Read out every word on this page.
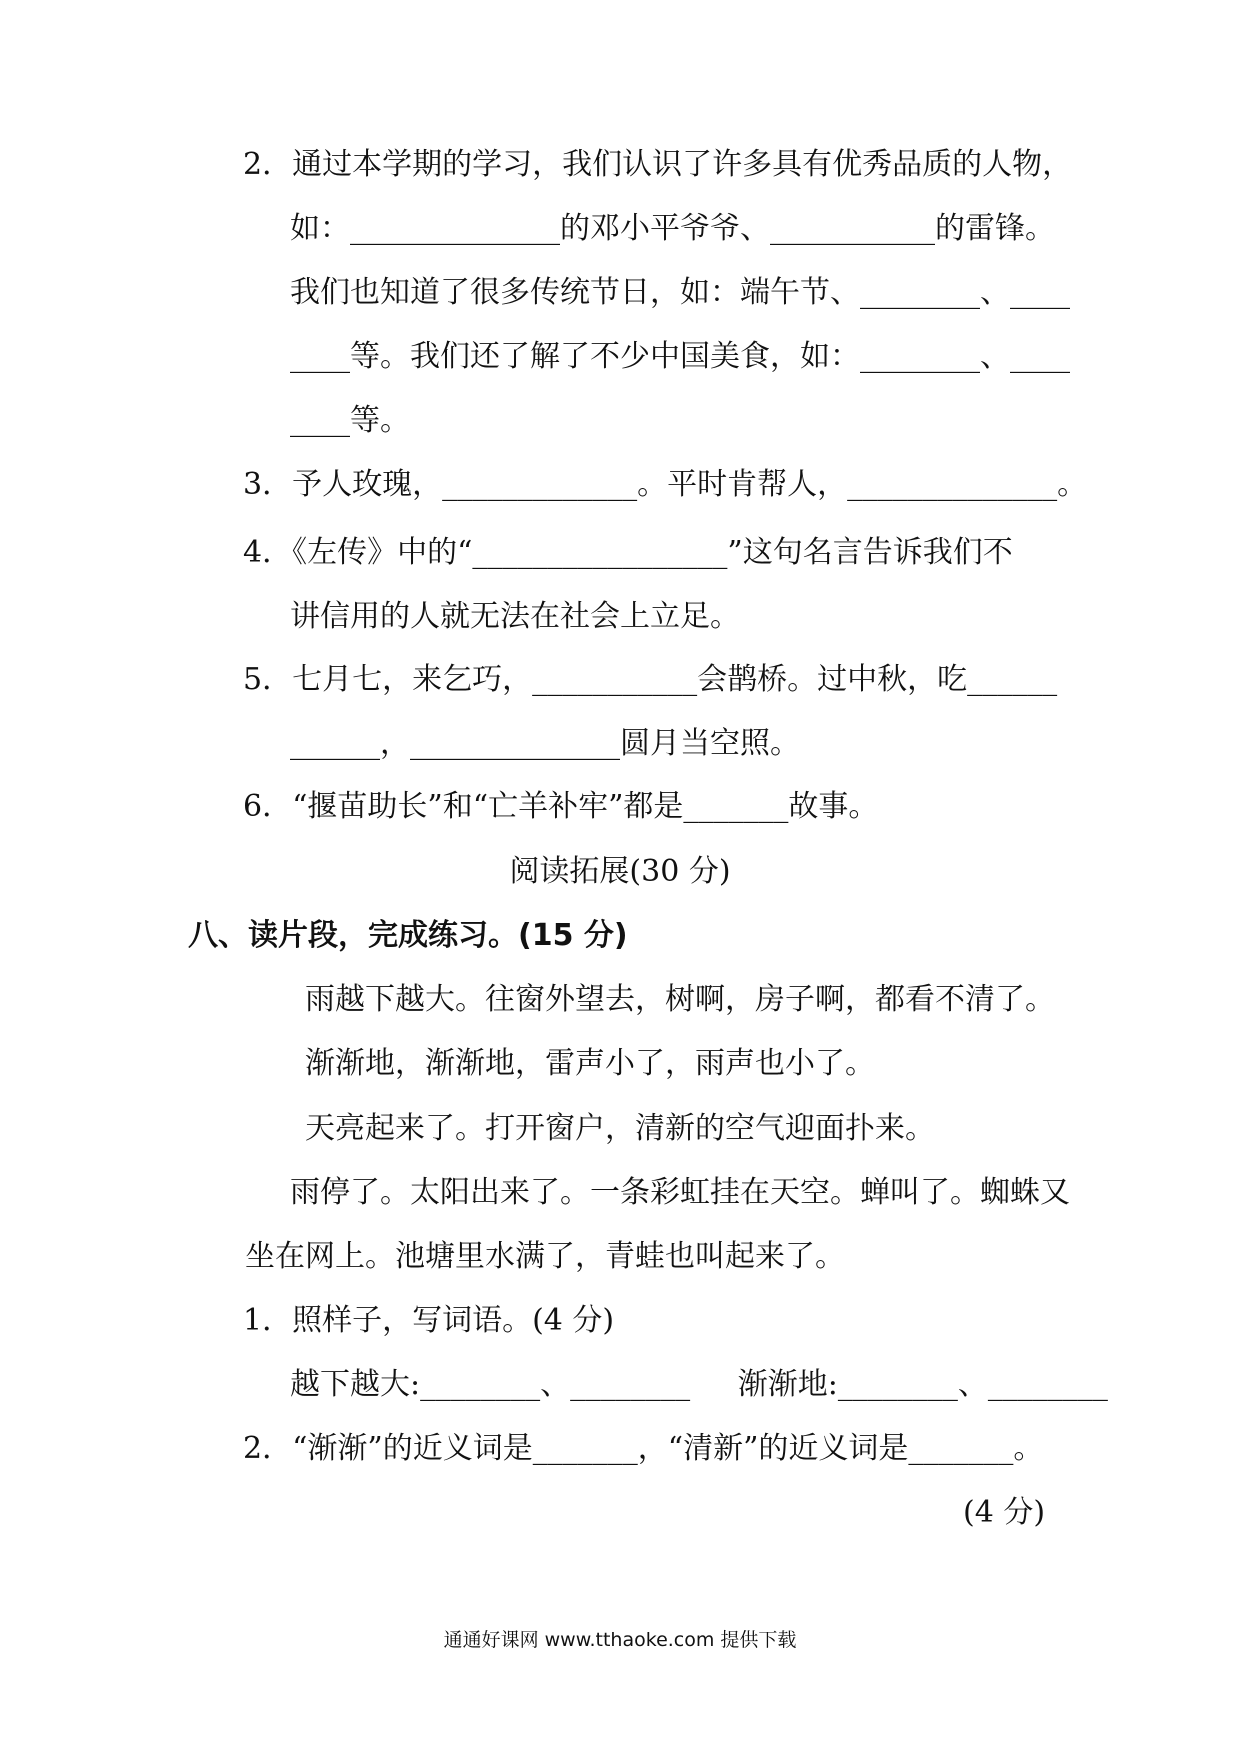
2．通过本学期的学习，我们认识了许多具有优秀品质的人物，
如：______________的邓小平爷爷、___________的雷锋。
我们也知道了很多传统节日，如：端午节、________、____
____等。我们还了解了不少中国美食，如：________、____
____等。
3．予人玫瑰，_____________。平时肯帮人，______________。
4．《左传》中的“_________________”这句名言告诉我们不
讲信用的人就无法在社会上立足。
5．七月七，来乞巧，___________会鹊桥。过中秋，吃______
______，______________圆月当空照。
6．“揠苗助长”和“亡羊补牢”都是_______故事。
阅读拓展(30 分)
八、读片段，完成练习。(15 分)
雨越下越大。往窗外望去，树啊，房子啊，都看不清了。
渐渐地，渐渐地，雷声小了，雨声也小了。
天亮起来了。打开窗户，清新的空气迎面扑来。
雨停了。太阳出来了。一条彩虹挂在天空。蝉叫了。蜘蛛又
坐在网上。池塘里水满了，青蛙也叫起来了。
1．照样子，写词语。(4 分)
越下越大:________、________     渐渐地:________、________
2．“渐渐”的近义词是_______，“清新”的近义词是_______。
(4 分)
通通好课网 www.tthaoke.com 提供下载
